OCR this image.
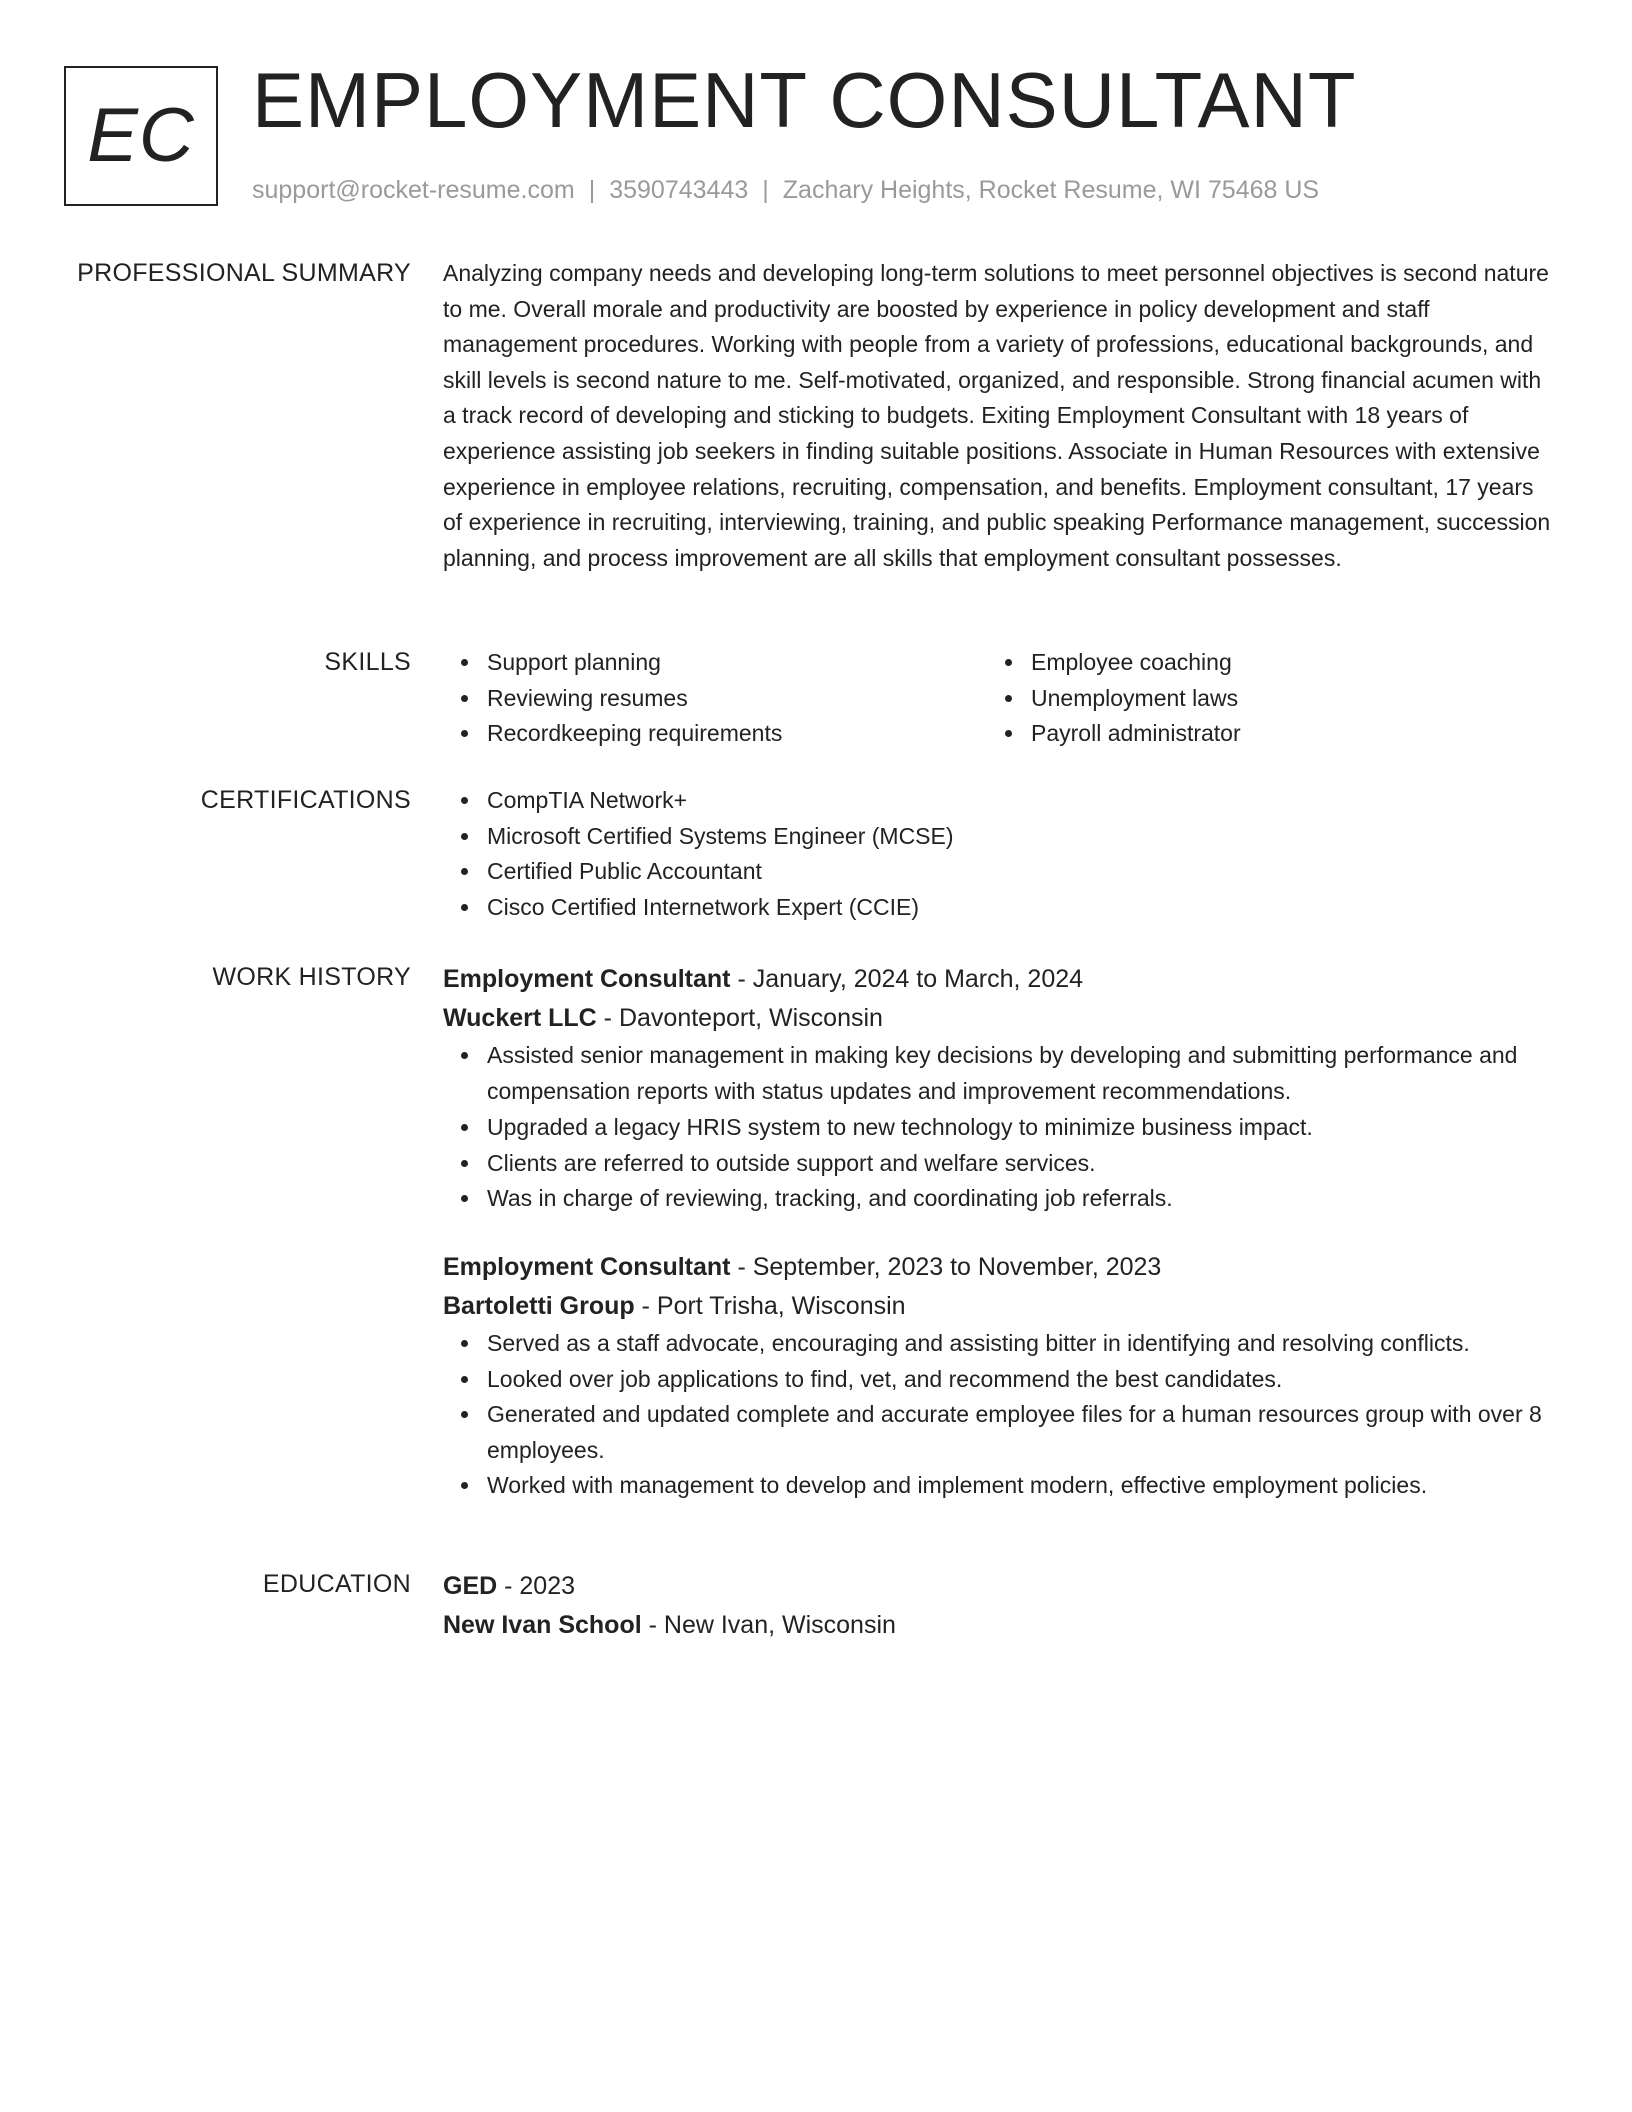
EC EMPLOYMENT CONSULTANT
support@rocket-resume.com | 3590743443 | Zachary Heights, Rocket Resume, WI 75468 US
PROFESSIONAL SUMMARY Analyzing company needs and developing long-term solutions to meet personnel objectives is second nature to me. Overall morale and productivity are boosted by experience in policy development and staff management procedures. Working with people from a variety of professions, educational backgrounds, and skill levels is second nature to me. Self-motivated, organized, and responsible. Strong financial acumen with a track record of developing and sticking to budgets. Exiting Employment Consultant with 18 years of experience assisting job seekers in finding suitable positions. Associate in Human Resources with extensive experience in employee relations, recruiting, compensation, and benefits. Employment consultant, 17 years of experience in recruiting, interviewing, training, and public speaking Performance management, succession planning, and process improvement are all skills that employment consultant possesses.

SKILLS	Support planning
Reviewing resumes
Recordkeeping requirements
Employee coaching
Unemployment laws
Payroll administrator
CERTIFICATIONS	CompTIA Network+
Microsoft Certified Systems Engineer (MCSE)
Certified Public Accountant
Cisco Certified Internetwork Expert (CCIE)
WORK HISTORY Employment Consultant - January, 2024 to March, 2024
Wuckert LLC - Davonteport, Wisconsin
Assisted senior management in making key decisions by developing and submitting performance and compensation reports with status updates and improvement recommendations.
Upgraded a legacy HRIS system to new technology to minimize business impact.
Clients are referred to outside support and welfare services.
Was in charge of reviewing, tracking, and coordinating job referrals.
Employment Consultant - September, 2023 to November, 2023
Bartoletti Group - Port Trisha, Wisconsin
Served as a staff advocate, encouraging and assisting bitter in identifying and resolving conflicts.
Looked over job applications to find, vet, and recommend the best candidates.
Generated and updated complete and accurate employee files for a human resources group with over 8 employees.
Worked with management to develop and implement modern, effective employment policies.
EDUCATION GED - 2023
New Ivan School - New Ivan, Wisconsin
